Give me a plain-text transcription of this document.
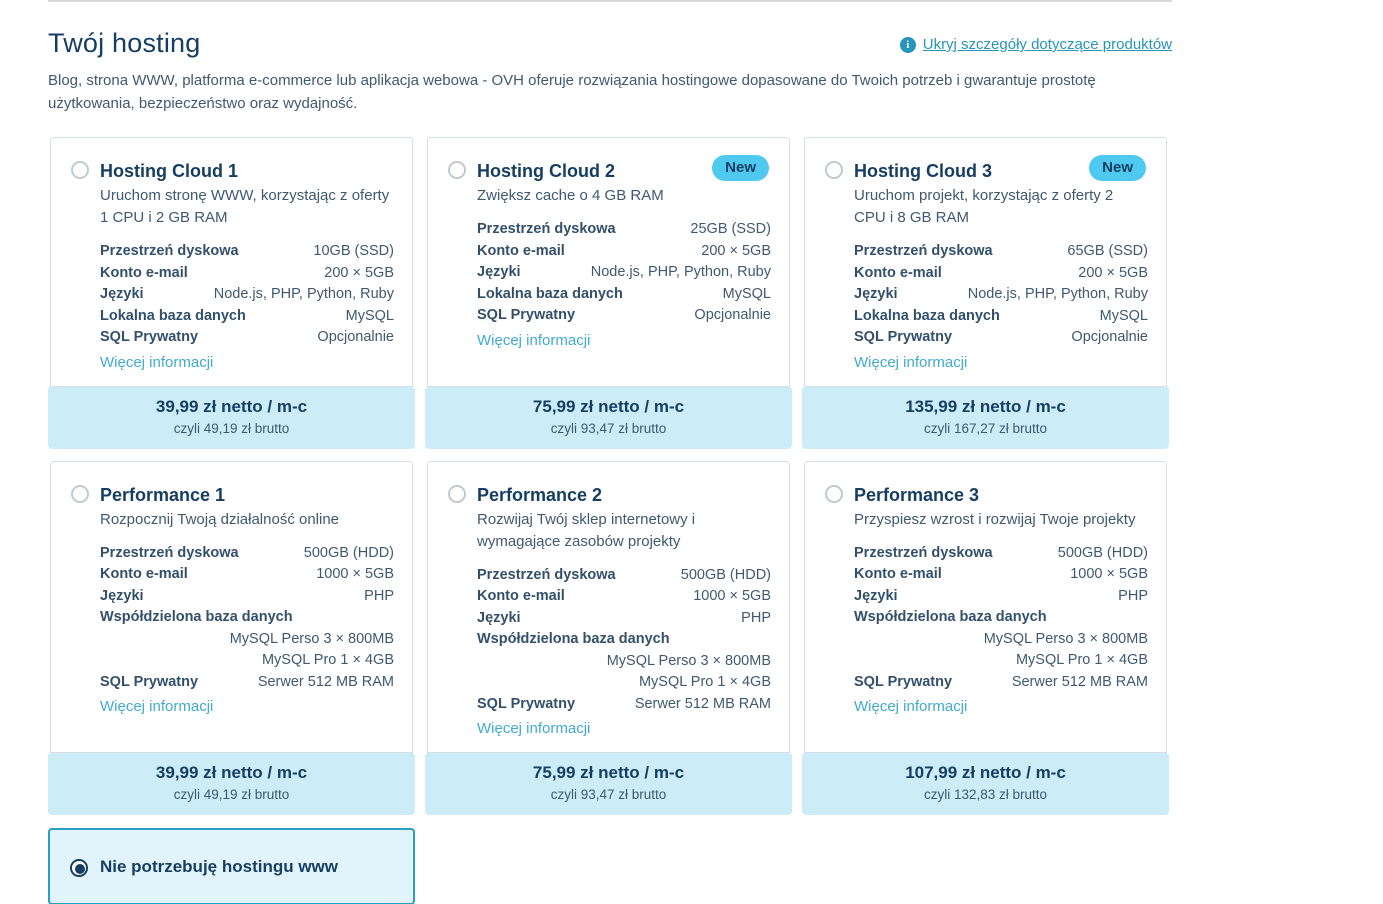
Twój hosting	i Ukryj szczegóły dotyczące produktów

Blog, strona WWW, platforma e-commerce lub aplikacja webowa - OVH oferuje rozwiązania hostingowe dopasowane do Twoich potrzeb i gwarantuje prostotę użytkowania, bezpieczeństwo oraz wydajność.

Hosting Cloud 1

Uruchom stronę WWW, korzystając z oferty 1 CPU i 2 GB RAM

Przestrzeń dyskowa	10GB (SSD)
Konto e-mail	200 × 5GB
Języki	Node.js, PHP, Python, Ruby
Lokalna baza danych	MySQL
SQL Prywatny	Opcjonalnie
Więcej informacji
39,99 zł netto / m-c
czyli 49,19 zł brutto
Hosting Cloud 2	New

Zwiększ cache o 4 GB RAM

Przestrzeń dyskowa	25GB (SSD)
Konto e-mail	200 × 5GB
Języki	Node.js, PHP, Python, Ruby
Lokalna baza danych	MySQL
SQL Prywatny	Opcjonalnie
Więcej informacji
75,99 zł netto / m-c
czyli 93,47 zł brutto
Hosting Cloud 3	New

Uruchom projekt, korzystając z oferty 2 CPU i 8 GB RAM

Przestrzeń dyskowa	65GB (SSD)
Konto e-mail	200 × 5GB
Języki	Node.js, PHP, Python, Ruby
Lokalna baza danych	MySQL
SQL Prywatny	Opcjonalnie
Więcej informacji
135,99 zł netto / m-c
czyli 167,27 zł brutto
Performance 1

Rozpocznij Twoją działalność online

Przestrzeń dyskowa	500GB (HDD)
Konto e-mail	1000 × 5GB
Języki	PHP
Współdzielona baza danych
MySQL Perso 3 × 800MB
MySQL Pro 1 × 4GB
SQL Prywatny	Serwer 512 MB RAM
Więcej informacji
39,99 zł netto / m-c
czyli 49,19 zł brutto
Performance 2

Rozwijaj Twój sklep internetowy i wymagające zasobów projekty

Przestrzeń dyskowa	500GB (HDD)
Konto e-mail	1000 × 5GB
Języki	PHP
Współdzielona baza danych
MySQL Perso 3 × 800MB
MySQL Pro 1 × 4GB
SQL Prywatny	Serwer 512 MB RAM
Więcej informacji
75,99 zł netto / m-c
czyli 93,47 zł brutto
Performance 3

Przyspiesz wzrost i rozwijaj Twoje projekty

Przestrzeń dyskowa	500GB (HDD)
Konto e-mail	1000 × 5GB
Języki	PHP
Współdzielona baza danych
MySQL Perso 3 × 800MB
MySQL Pro 1 × 4GB
SQL Prywatny	Serwer 512 MB RAM
Więcej informacji
107,99 zł netto / m-c
czyli 132,83 zł brutto
Nie potrzebuję hostingu www
